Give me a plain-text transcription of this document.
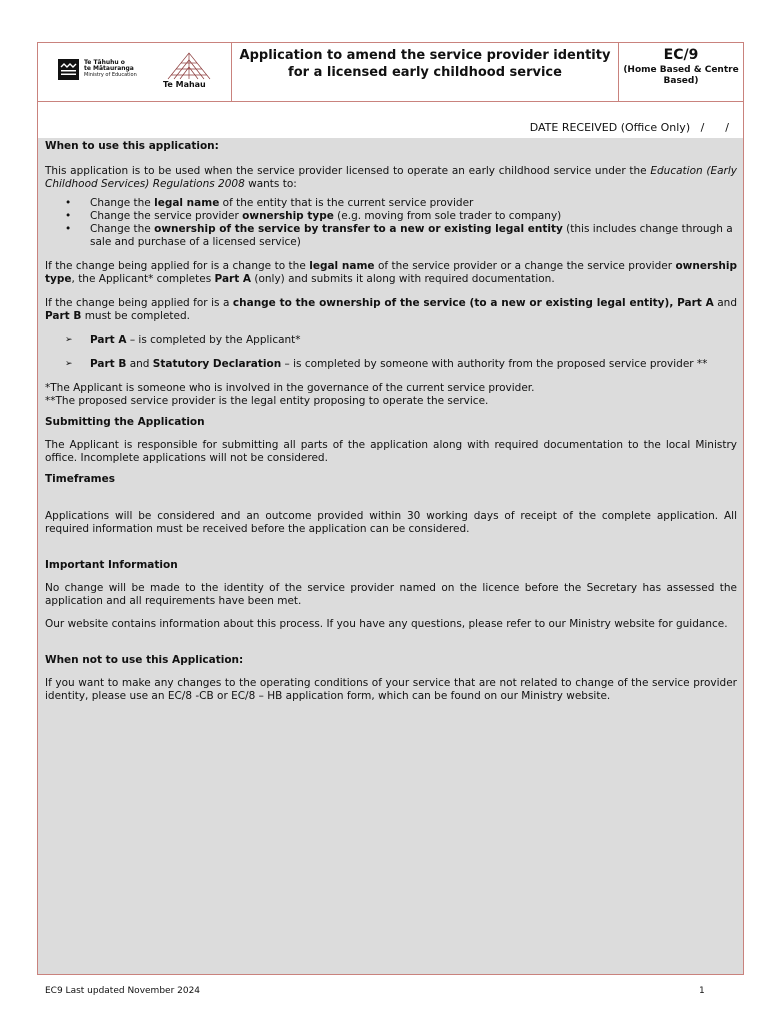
Te Tāhuhu o
te Mātauranga
Ministry of Education
Te Mahau
Application to amend the service provider identity for a licensed early childhood service
EC/9
(Home Based & Centre Based)
DATE RECEIVED (Office Only)   /      /

When to use this application:

This application is to be used when the service provider licensed to operate an early childhood service under the Education (Early Childhood Services) Regulations 2008 wants to:

• Change the legal name of the entity that is the current service provider
• Change the service provider ownership type (e.g. moving from sole trader to company)
• Change the ownership of the service by transfer to a new or existing legal entity (this includes change through a sale and purchase of a licensed service)

If the change being applied for is a change to the legal name of the service provider or a change the service provider ownership type, the Applicant* completes Part A (only) and submits it along with required documentation.

If the change being applied for is a change to the ownership of the service (to a new or existing legal entity), Part A and Part B must be completed.

➢ Part A – is completed by the Applicant*

➢ Part B and Statutory Declaration – is completed by someone with authority from the proposed service provider **

*The Applicant is someone who is involved in the governance of the current service provider.

**The proposed service provider is the legal entity proposing to operate the service.

Submitting the Application

The Applicant is responsible for submitting all parts of the application along with required documentation to the local Ministry office. Incomplete applications will not be considered.

Timeframes

Applications will be considered and an outcome provided within 30 working days of receipt of the complete application. All required information must be received before the application can be considered.

Important Information

No change will be made to the identity of the service provider named on the licence before the Secretary has assessed the application and all requirements have been met.

Our website contains information about this process. If you have any questions, please refer to our Ministry website for guidance.

When not to use this Application:

If you want to make any changes to the operating conditions of your service that are not related to change of the service provider identity, please use an EC/8 -CB or EC/8 – HB application form, which can be found on our Ministry website.

EC9 Last updated November 2024	1
